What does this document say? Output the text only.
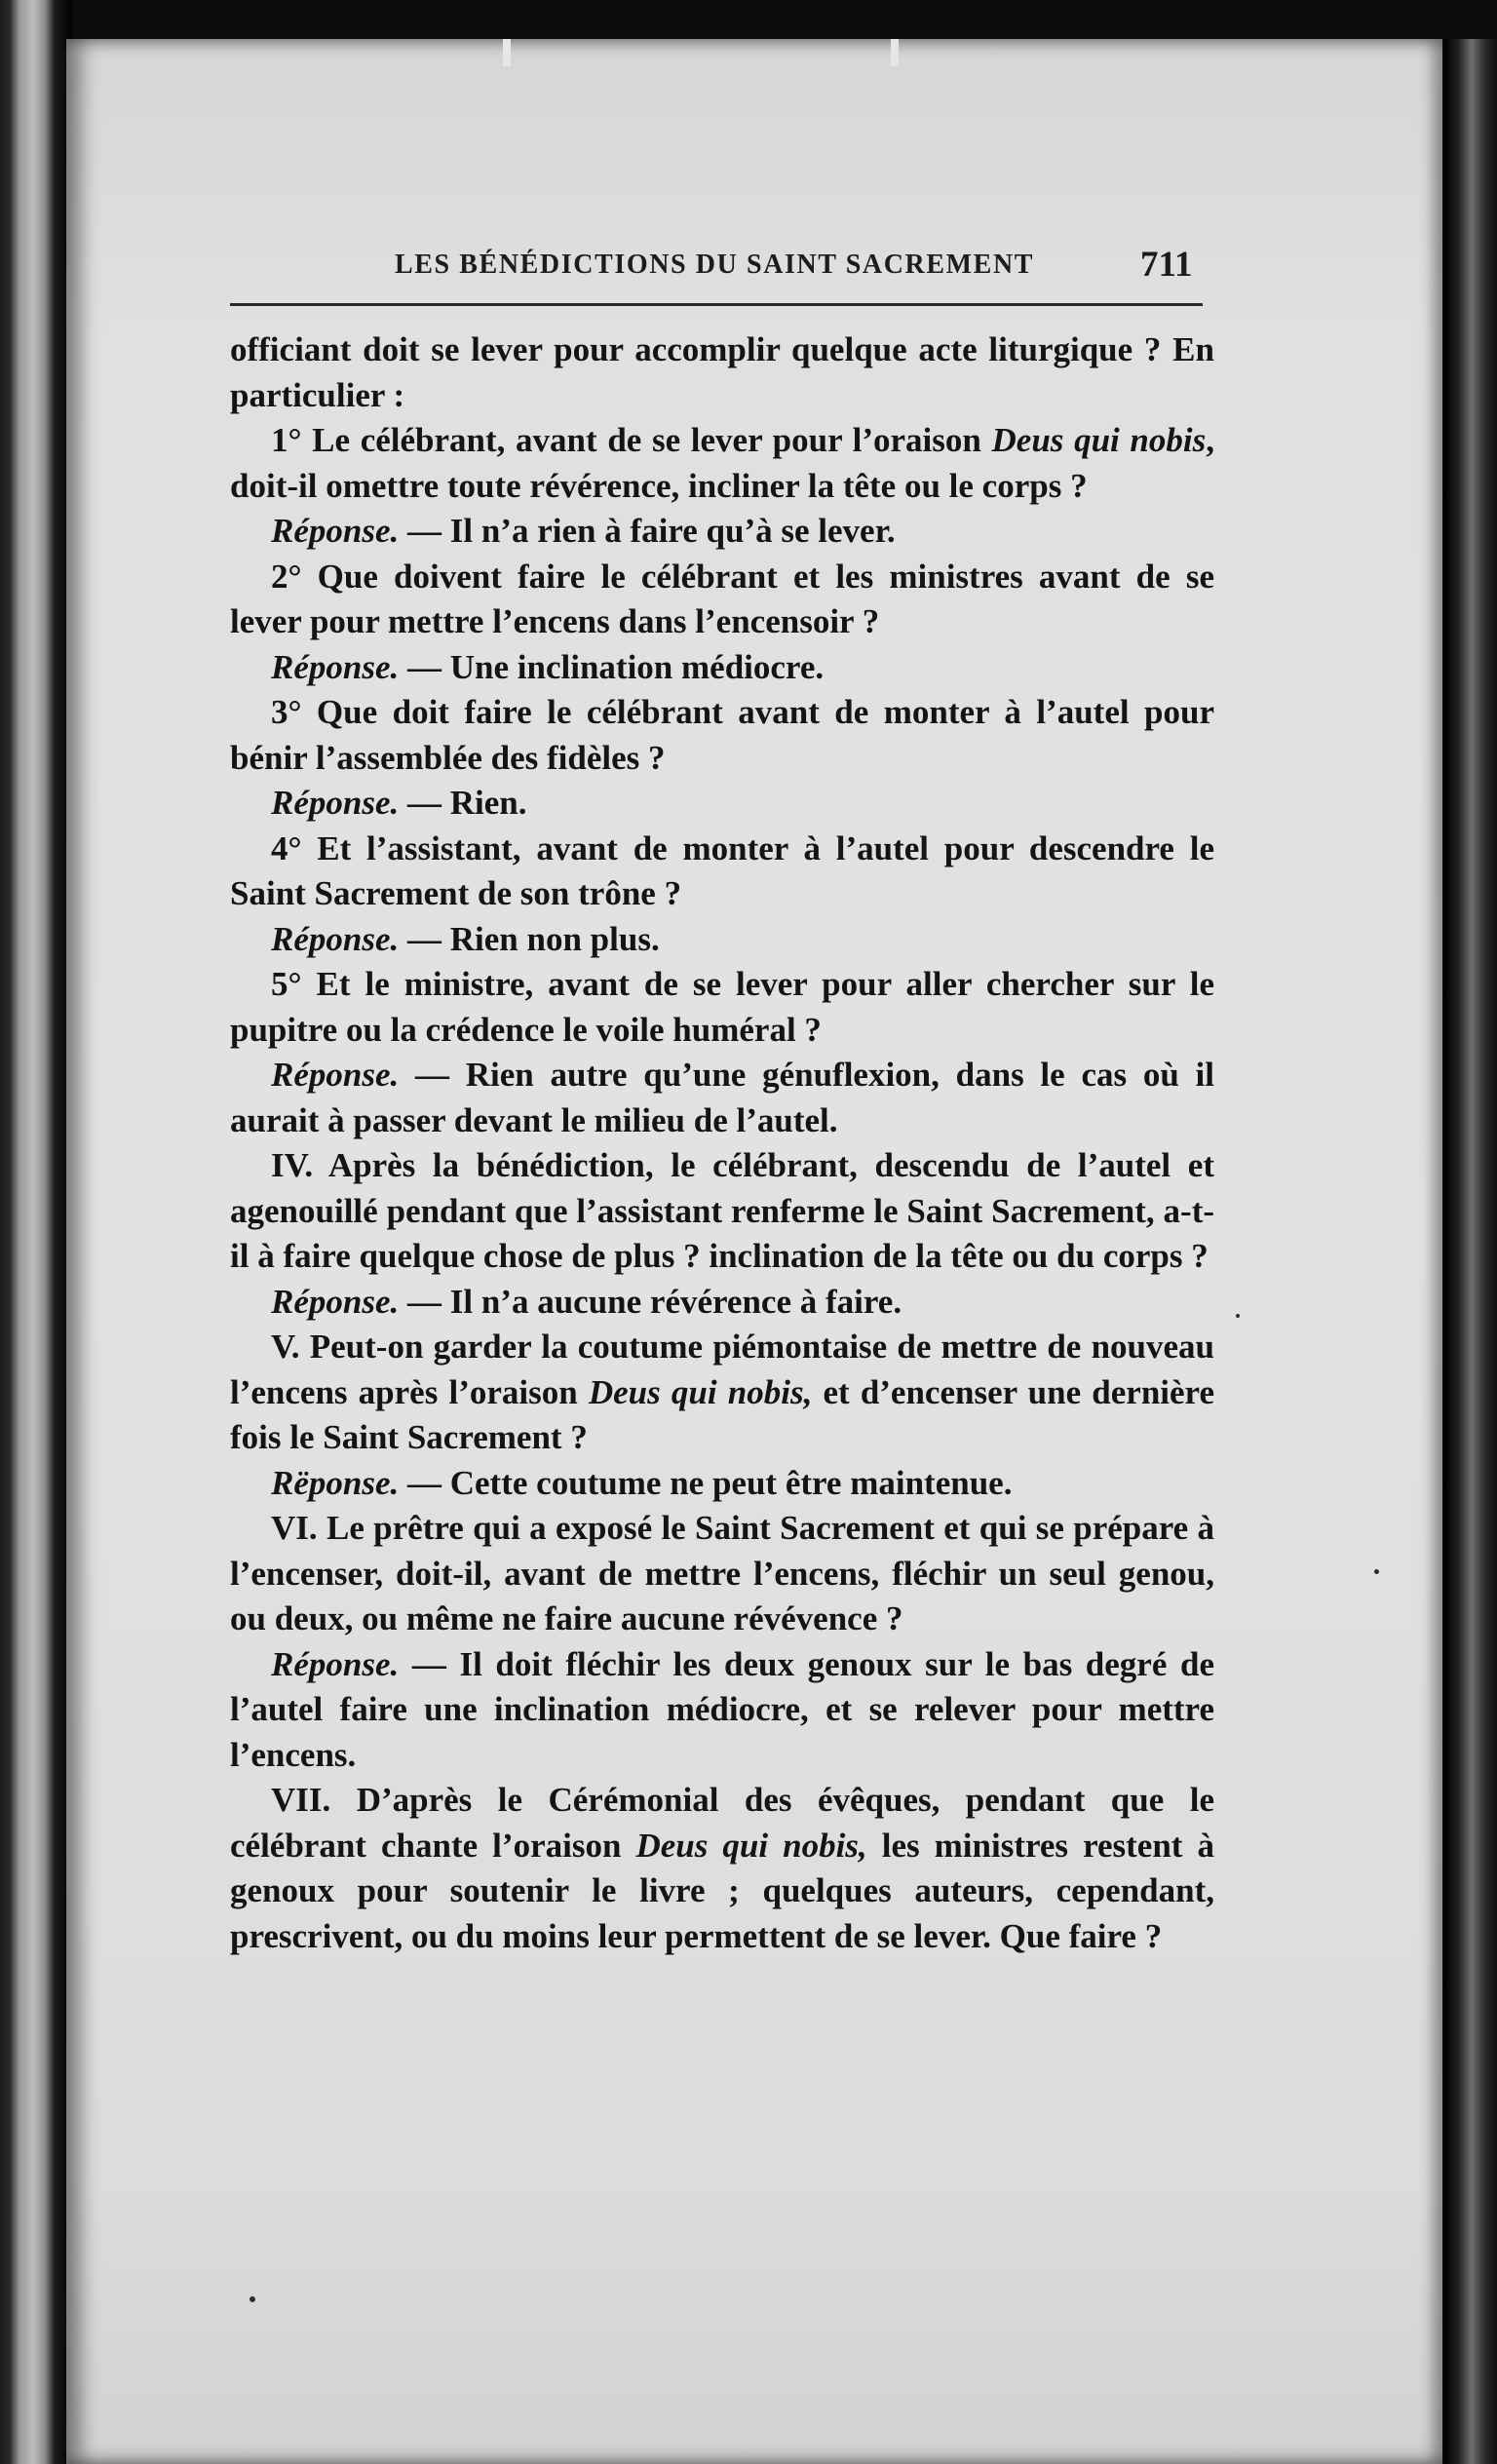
LES BÉNÉDICTIONS DU SAINT SACREMENT	711

officiant doit se lever pour accomplir quelque acte liturgique ? En particulier :

1° Le célébrant, avant de se lever pour l’oraison Deus qui nobis, doit-il omettre toute révérence, incliner la tête ou le corps ?

Réponse. — Il n’a rien à faire qu’à se lever.

2° Que doivent faire le célébrant et les ministres avant de se lever pour mettre l’encens dans l’encensoir ?

Réponse. — Une inclination médiocre.

3° Que doit faire le célébrant avant de monter à l’autel pour bénir l’assemblée des fidèles ?

Réponse. — Rien.

4° Et l’assistant, avant de monter à l’autel pour descendre le Saint Sacrement de son trône ?

Réponse. — Rien non plus.

5° Et le ministre, avant de se lever pour aller chercher sur le pupitre ou la crédence le voile huméral ?

Réponse. — Rien autre qu’une génuflexion, dans le cas où il aurait à passer devant le milieu de l’autel.

IV. Après la bénédiction, le célébrant, descendu de l’autel et agenouillé pendant que l’assistant renferme le Saint Sacrement, a-t-il à faire quelque chose de plus ? inclination de la tête ou du corps ?

Réponse. — Il n’a aucune révérence à faire.

V. Peut-on garder la coutume piémontaise de mettre de nouveau l’encens après l’oraison Deus qui nobis, et d’encenser une dernière fois le Saint Sacrement ?

Rëponse. — Cette coutume ne peut être maintenue.

VI. Le prêtre qui a exposé le Saint Sacrement et qui se prépare à l’encenser, doit-il, avant de mettre l’encens, fléchir un seul genou, ou deux, ou même ne faire aucune révévence ?

Réponse. — Il doit fléchir les deux genoux sur le bas degré de l’autel faire une inclination médiocre, et se relever pour mettre l’encens.

VII. D’après le Cérémonial des évêques, pendant que le célébrant chante l’oraison Deus qui nobis, les ministres restent à genoux pour soutenir le livre ; quelques auteurs, cependant, prescrivent, ou du moins leur permettent de se lever. Que faire ?
